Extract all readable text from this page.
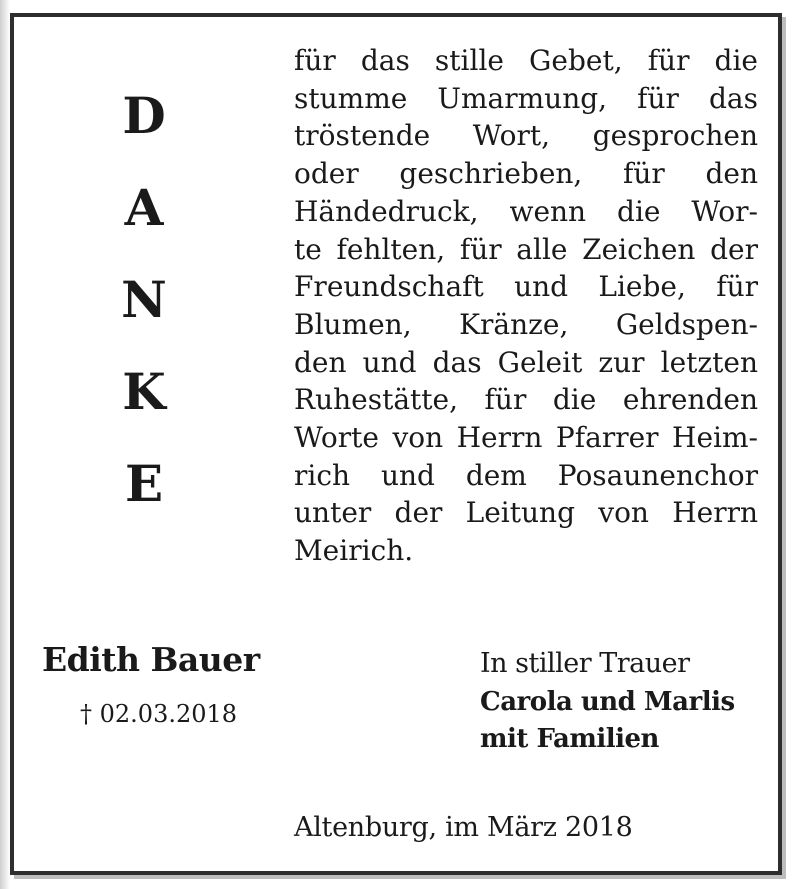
D
A
N
K
E

für das stille Gebet, für die
stumme Umarmung, für das
tröstende Wort, gesprochen
oder geschrieben, für den
Händedruck, wenn die Wor-
te fehlten, für alle Zeichen der
Freundschaft und Liebe, für
Blumen, Kränze, Geldspen-
den und das Geleit zur letzten
Ruhestätte, für die ehrenden
Worte von Herrn Pfarrer Heim-
rich und dem Posaunenchor
unter der Leitung von Herrn
Meirich.

Edith Bauer
† 02.03.2018
In stiller Trauer
Carola und Marlis
mit Familien
Altenburg, im März 2018
